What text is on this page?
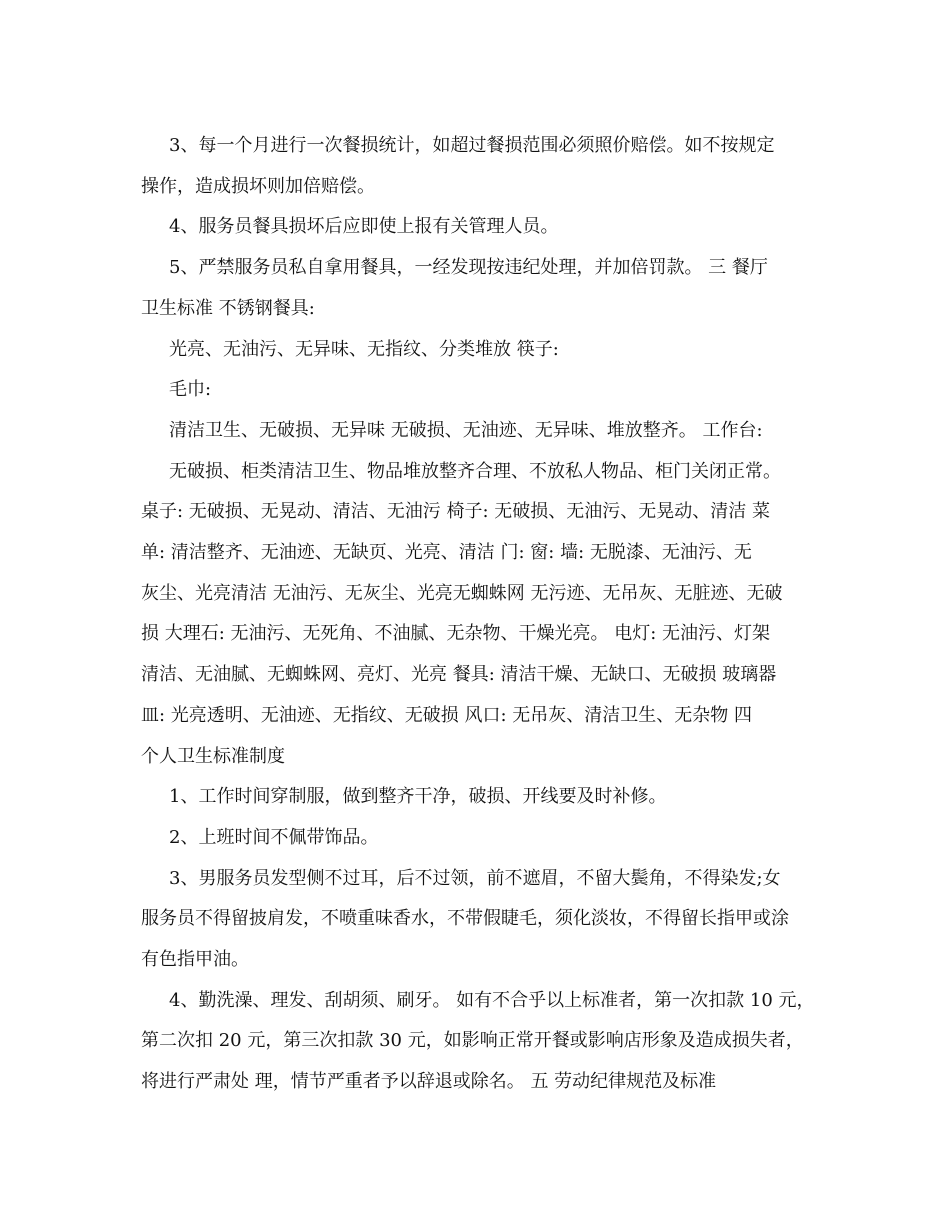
3、每一个月进行一次餐损统计，如超过餐损范围必须照价赔偿。如不按规定
操作，造成损坏则加倍赔偿。

4、服务员餐具损坏后应即使上报有关管理人员。

5、严禁服务员私自拿用餐具，一经发现按违纪处理，并加倍罚款。 三 餐厅
卫生标准 不锈钢餐具:

光亮、无油污、无异味、无指纹、分类堆放 筷子:

毛巾:

清洁卫生、无破损、无异味 无破损、无油迹、无异味、堆放整齐。 工作台:

无破损、柜类清洁卫生、物品堆放整齐合理、不放私人物品、柜门关闭正常。
桌子: 无破损、无晃动、清洁、无油污 椅子: 无破损、无油污、无晃动、清洁 菜
单: 清洁整齐、无油迹、无缺页、光亮、清洁 门: 窗: 墙: 无脱漆、无油污、无
灰尘、光亮清洁 无油污、无灰尘、光亮无蜘蛛网 无污迹、无吊灰、无脏迹、无破
损 大理石: 无油污、无死角、不油腻、无杂物、干燥光亮。 电灯: 无油污、灯架
清洁、无油腻、无蜘蛛网、亮灯、光亮 餐具: 清洁干燥、无缺口、无破损 玻璃器
皿: 光亮透明、无油迹、无指纹、无破损 风口: 无吊灰、清洁卫生、无杂物 四
个人卫生标准制度

1、工作时间穿制服，做到整齐干净，破损、开线要及时补修。

2、上班时间不佩带饰品。

3、男服务员发型侧不过耳，后不过领，前不遮眉，不留大鬓角，不得染发;女
服务员不得留披肩发，不喷重味香水，不带假睫毛，须化淡妆，不得留长指甲或涂
有色指甲油。

4、勤洗澡、理发、刮胡须、刷牙。 如有不合乎以上标准者，第一次扣款 10 元，
第二次扣 20 元，第三次扣款 30 元，如影响正常开餐或影响店形象及造成损失者，
将进行严肃处 理，情节严重者予以辞退或除名。 五 劳动纪律规范及标准
